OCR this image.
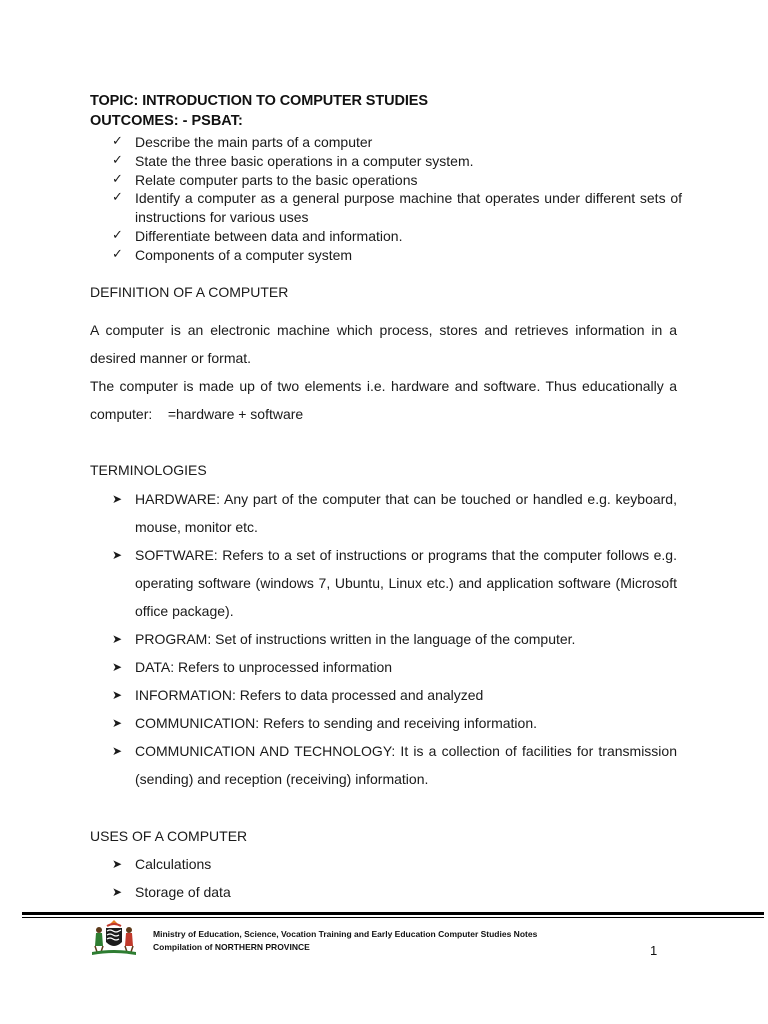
TOPIC: INTRODUCTION TO COMPUTER STUDIES
OUTCOMES: - PSBAT:
✓ Describe the main parts of a computer
✓ State the three basic operations in a computer system.
✓ Relate computer parts to the basic operations
✓ Identify a computer as a general purpose machine that operates under different sets of instructions for various uses
✓ Differentiate between data and information.
✓ Components of a computer system
DEFINITION OF A COMPUTER
A computer is an electronic machine which process, stores and retrieves information in a desired manner or format.
The computer is made up of two elements i.e. hardware and software. Thus educationally a computer: =hardware + software
TERMINOLOGIES
➤ HARDWARE: Any part of the computer that can be touched or handled e.g. keyboard, mouse, monitor etc.
➤ SOFTWARE: Refers to a set of instructions or programs that the computer follows e.g. operating software (windows 7, Ubuntu, Linux etc.) and application software (Microsoft office package).
➤ PROGRAM: Set of instructions written in the language of the computer.
➤ DATA: Refers to unprocessed information
➤ INFORMATION: Refers to data processed and analyzed
➤ COMMUNICATION: Refers to sending and receiving information.
➤ COMMUNICATION AND TECHNOLOGY: It is a collection of facilities for transmission (sending) and reception (receiving) information.
USES OF A COMPUTER
➤ Calculations
➤ Storage of data
Ministry of Education, Science, Vocation Training and Early Education Computer Studies Notes
Compilation of NORTHERN PROVINCE	1
